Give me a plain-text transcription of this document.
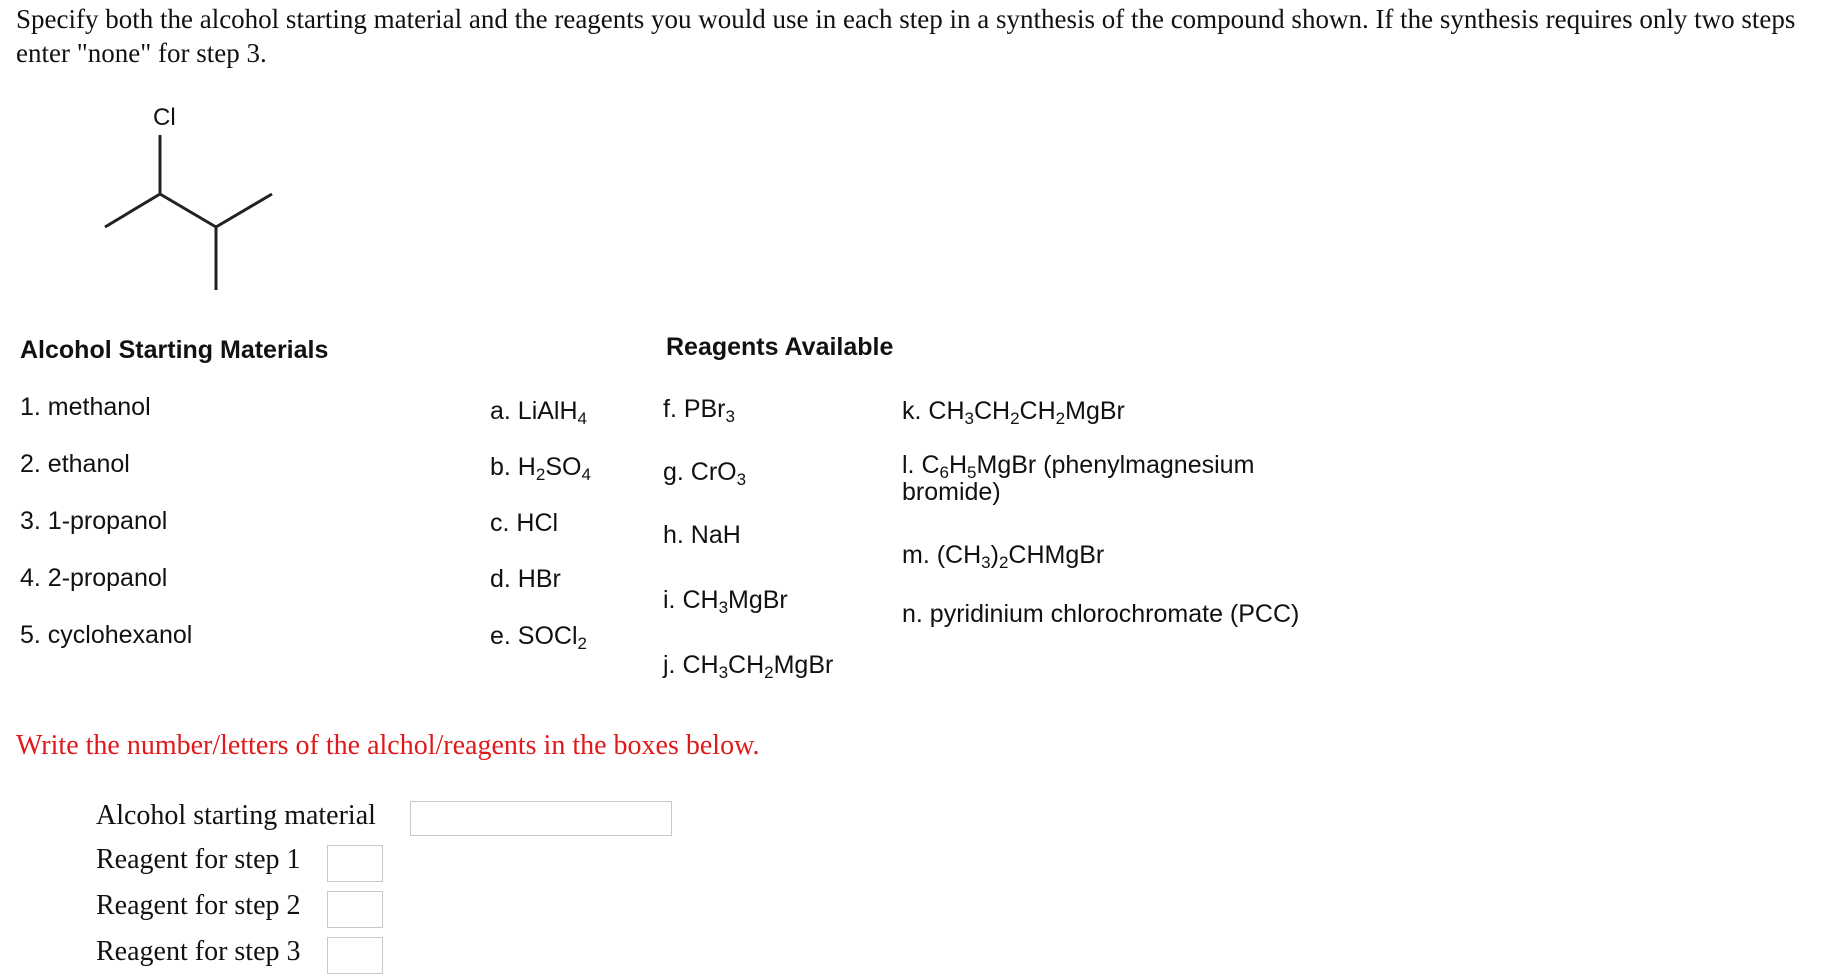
Specify both the alcohol starting material and the reagents you would use in each step in a synthesis of the compound shown. If the synthesis requires only two steps enter "none" for step 3.
Cl
Alcohol Starting Materials
1. methanol
2. ethanol
3. 1-propanol
4. 2-propanol
5. cyclohexanol
Reagents Available
a. LiAlH$_4$
b. $H_2SO_4$
c. HCl
d. HBr
e. SOCl$_2$
f. PBr$_3$
g. CrO$_3$
h. NaH
i. $CH_3MgBr$
j. $CH_3CH_2MgBr$
k. $CH_3CH_2CH_2MgBr$
l. $C_6H_5MgBr$ (phenylmagnesium
bromide)
m. $(CH_3)_2CHMgBr$
n. pyridinium chlorochromate (PCC)
Write the number/letters of the alchol/reagents in the boxes below.
Alcohol starting material
Reagent for step 1
Reagent for step 2
Reagent for step 3
